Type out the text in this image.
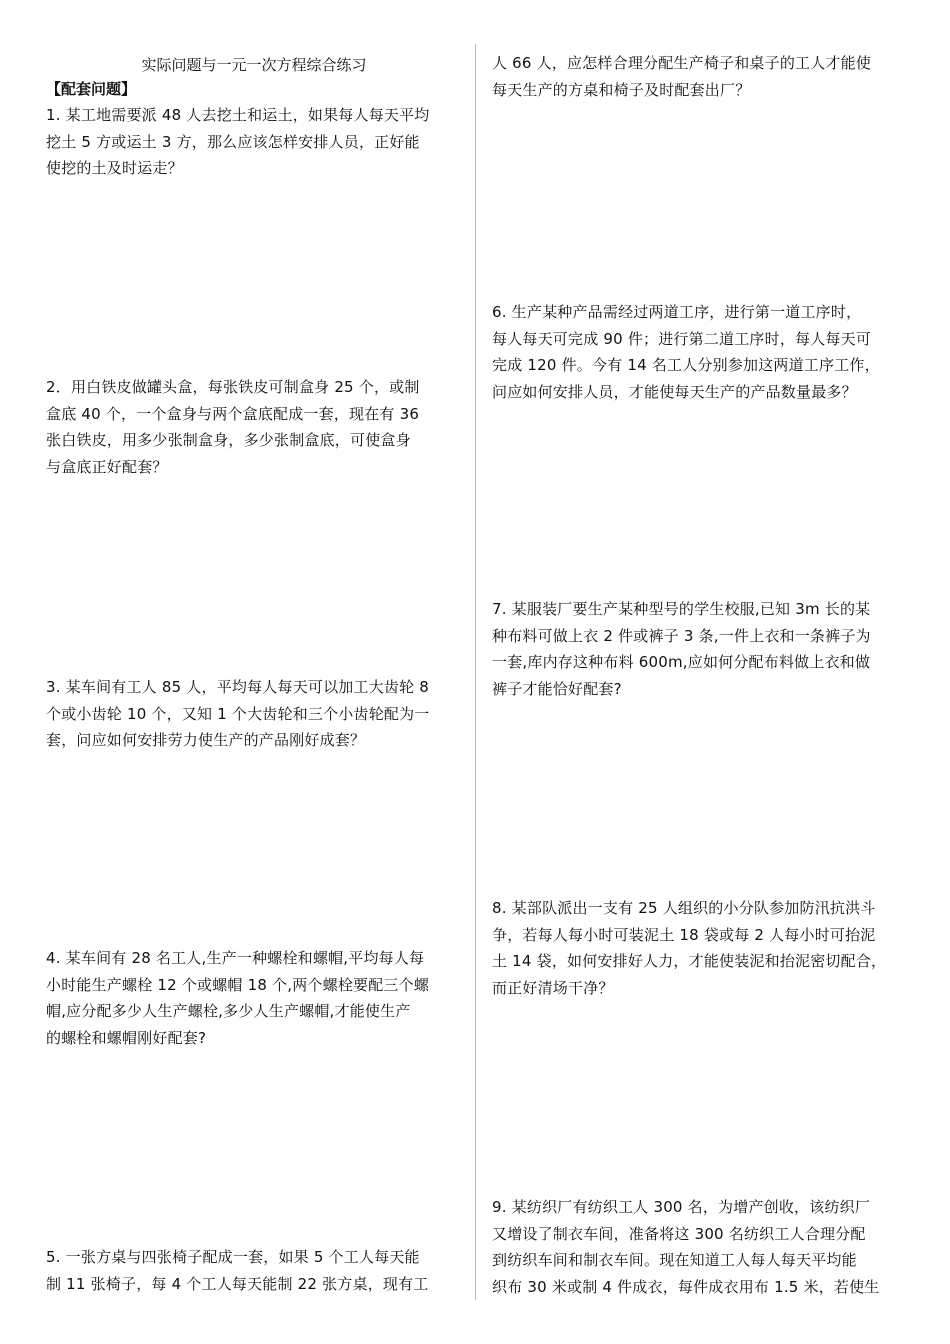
实际问题与一元一次方程综合练习
【配套问题】
1. 某工地需要派 48 人去挖土和运土，如果每人每天平均
挖土 5 方或运土 3 方，那么应该怎样安排人员，正好能
使挖的土及时运走？
2．用白铁皮做罐头盒，每张铁皮可制盒身 25 个，或制
盒底 40 个，一个盒身与两个盒底配成一套，现在有 36
张白铁皮，用多少张制盒身，多少张制盒底，可使盒身
与盒底正好配套？
3. 某车间有工人 85 人，平均每人每天可以加工大齿轮 8
个或小齿轮 10 个，又知 1 个大齿轮和三个小齿轮配为一
套，问应如何安排劳力使生产的产品刚好成套？
4. 某车间有 28 名工人,生产一种螺栓和螺帽,平均每人每
小时能生产螺栓 12 个或螺帽 18 个,两个螺栓要配三个螺
帽,应分配多少人生产螺栓,多少人生产螺帽,才能使生产
的螺栓和螺帽刚好配套?
5. 一张方桌与四张椅子配成一套，如果 5 个工人每天能
制 11 张椅子，每 4 个工人每天能制 22 张方桌，现有工
人 66 人，应怎样合理分配生产椅子和桌子的工人才能使
每天生产的方桌和椅子及时配套出厂？
6. 生产某种产品需经过两道工序，进行第一道工序时，
每人每天可完成 90 件；进行第二道工序时，每人每天可
完成 120 件。今有 14 名工人分别参加这两道工序工作，
问应如何安排人员，才能使每天生产的产品数量最多？
7. 某服装厂要生产某种型号的学生校服,已知 3m 长的某
种布料可做上衣 2 件或裤子 3 条,一件上衣和一条裤子为
一套,库内存这种布料 600m,应如何分配布料做上衣和做
裤子才能恰好配套?
8. 某部队派出一支有 25 人组织的小分队参加防汛抗洪斗
争，若每人每小时可装泥土 18 袋或每 2 人每小时可抬泥
土 14 袋，如何安排好人力，才能使装泥和抬泥密切配合，
而正好清场干净？
9. 某纺织厂有纺织工人 300 名，为增产创收，该纺织厂
又增设了制衣车间，准备将这 300 名纺织工人合理分配
到纺织车间和制衣车间。现在知道工人每人每天平均能
织布 30 米或制 4 件成衣，每件成衣用布 1.5 米，若使生
